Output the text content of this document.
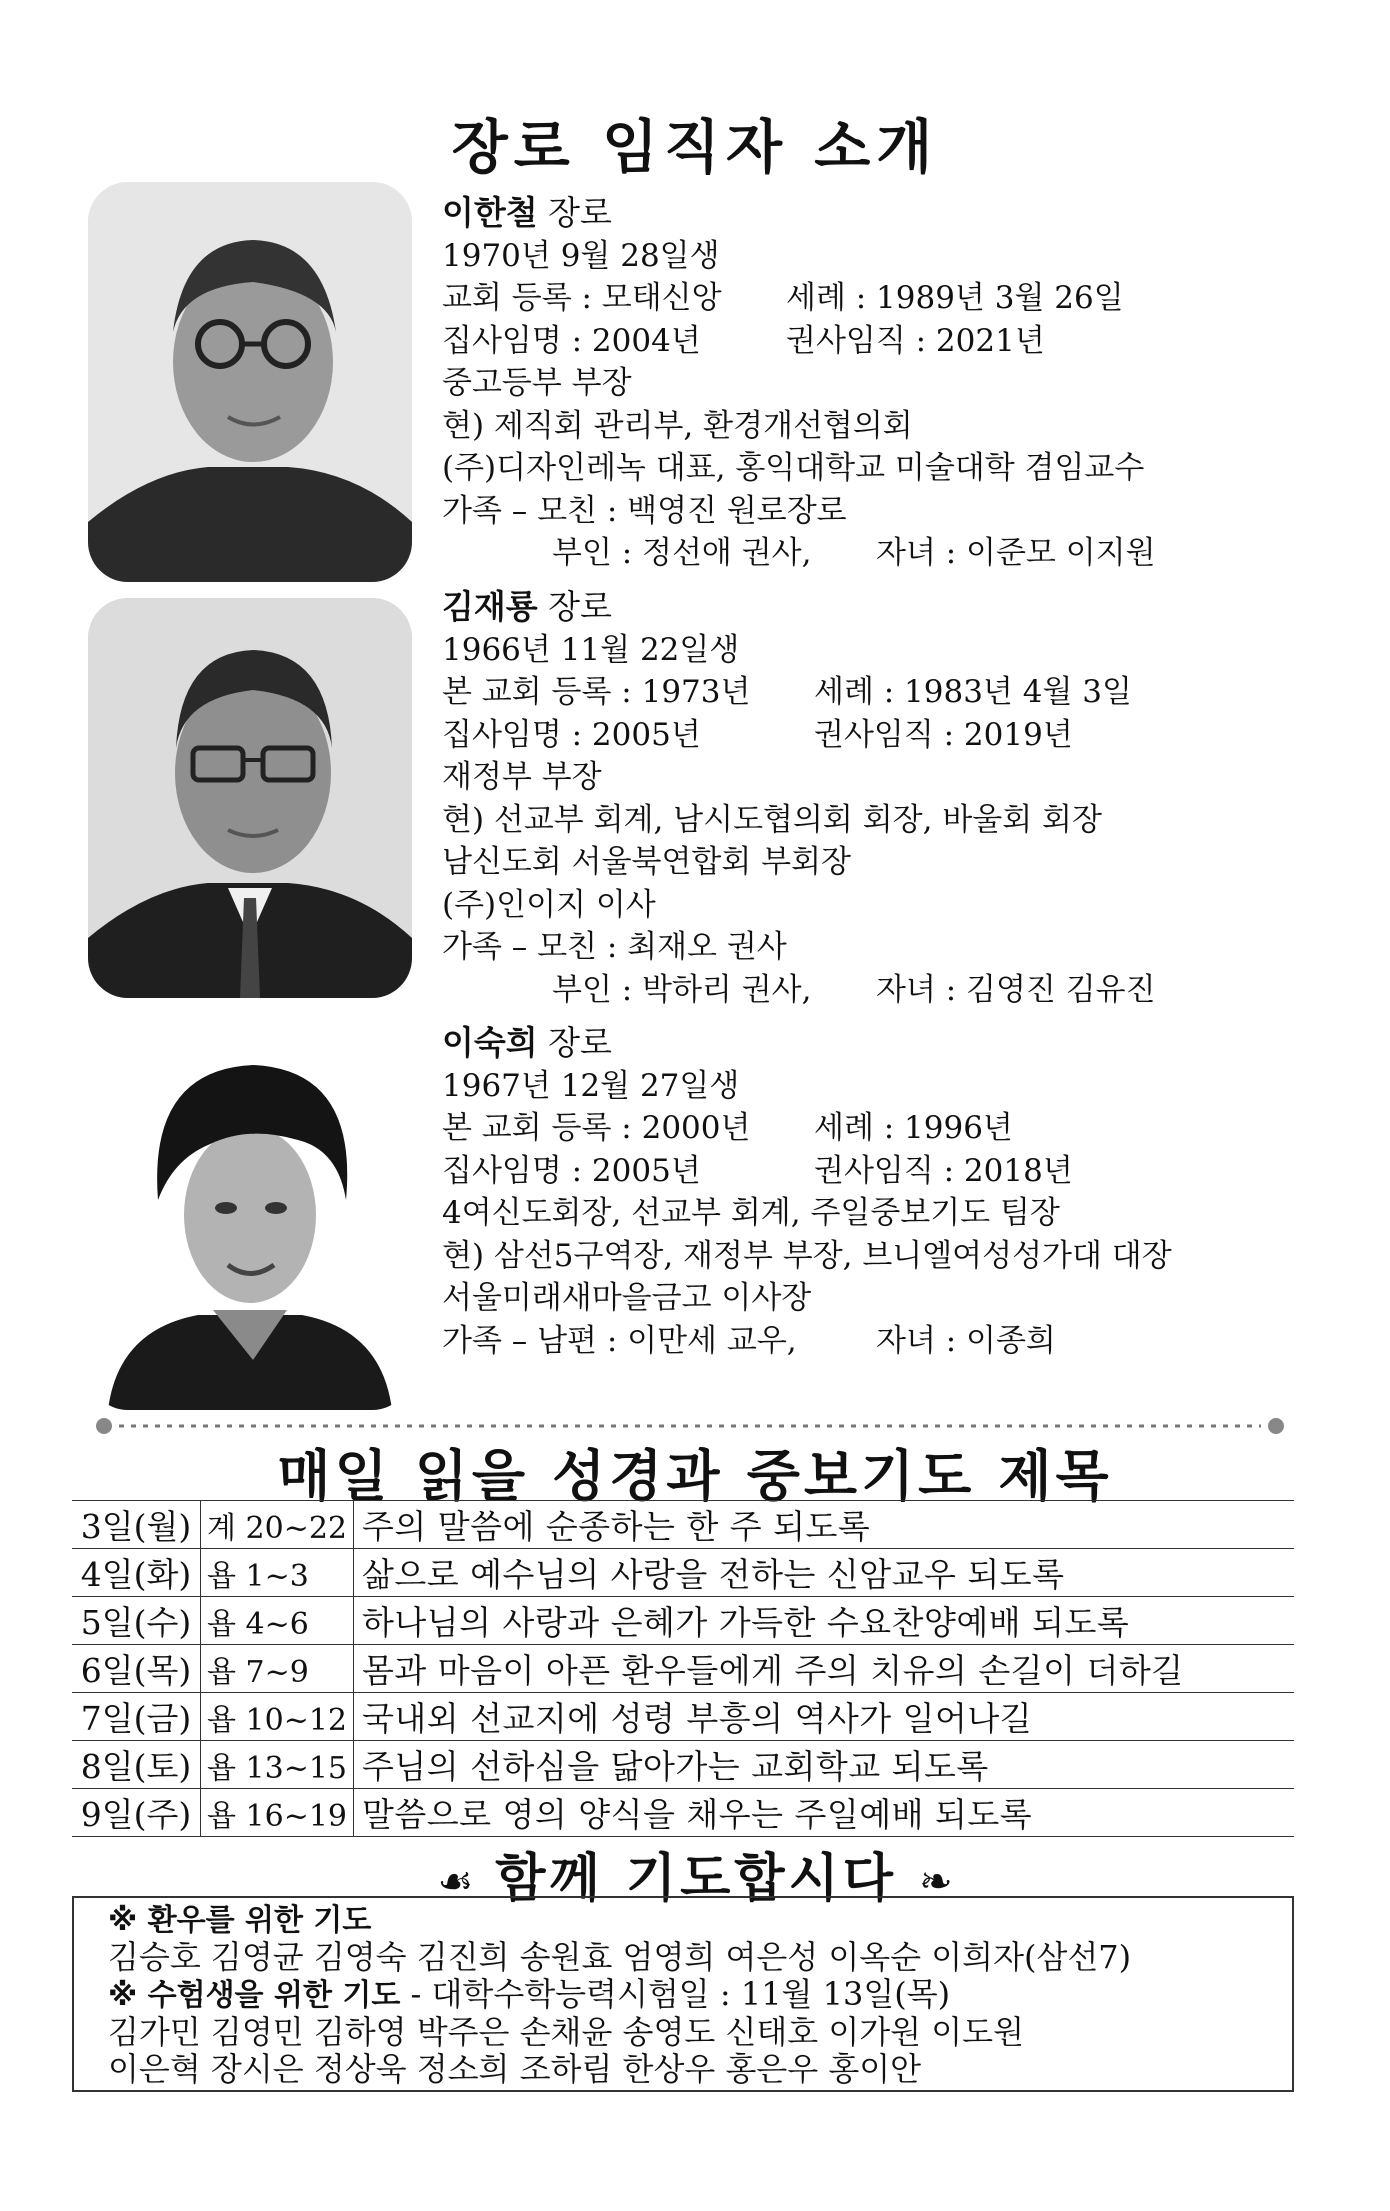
장로 임직자 소개
이한철 장로
1970년 9월 28일생
교회 등록 : 모태신앙 세례 : 1989년 3월 26일
집사임명 : 2004년	권사임직 : 2021년
중고등부 부장
현) 제직회 관리부, 환경개선협의회
(주)디자인레녹 대표, 홍익대학교 미술대학 겸임교수
가족 – 모친 : 백영진 원로장로
부인 : 정선애 권사, 자녀 : 이준모 이지원
김재룡 장로
1966년 11월 22일생
본 교회 등록 : 1973년 세례 : 1983년 4월 3일
집사임명 : 2005년	권사임직 : 2019년
재정부 부장
현) 선교부 회계, 남시도협의회 회장, 바울회 회장
남신도회 서울북연합회 부회장
(주)인이지 이사
가족 – 모친 : 최재오 권사
부인 : 박하리 권사, 자녀 : 김영진 김유진
이숙희 장로
1967년 12월 27일생
본 교회 등록 : 2000년 세례 : 1996년
집사임명 : 2005년	권사임직 : 2018년
4여신도회장, 선교부 회계, 주일중보기도 팀장
현) 삼선5구역장, 재정부 부장, 브니엘여성성가대 대장
서울미래새마을금고 이사장
가족 – 남편 : 이만세 교우,	자녀 : 이종희
매일 읽을 성경과 중보기도 제목
3일(월)	계 20~22	주의 말씀에 순종하는 한 주 되도록
4일(화)	욥 1~3	삶으로 예수님의 사랑을 전하는 신암교우 되도록
5일(수)	욥 4~6	하나님의 사랑과 은혜가 가득한 수요찬양예배 되도록
6일(목)	욥 7~9	몸과 마음이 아픈 환우들에게 주의 치유의 손길이 더하길
7일(금)	욥 10~12	국내외 선교지에 성령 부흥의 역사가 일어나길
8일(토)	욥 13~15	주님의 선하심을 닮아가는 교회학교 되도록
9일(주)	욥 16~19	말씀으로 영의 양식을 채우는 주일예배 되도록
☙ 함께 기도합시다 ❧
※ 환우를 위한 기도
김승호 김영균 김영숙 김진희 송원효 엄영희 여은성 이옥순 이희자(삼선7)
※ 수험생을 위한 기도 - 대학수학능력시험일 : 11월 13일(목)
김가민 김영민 김하영 박주은 손채윤 송영도 신태호 이가원 이도원
이은혁 장시은 정상욱 정소희 조하림 한상우 홍은우 홍이안
